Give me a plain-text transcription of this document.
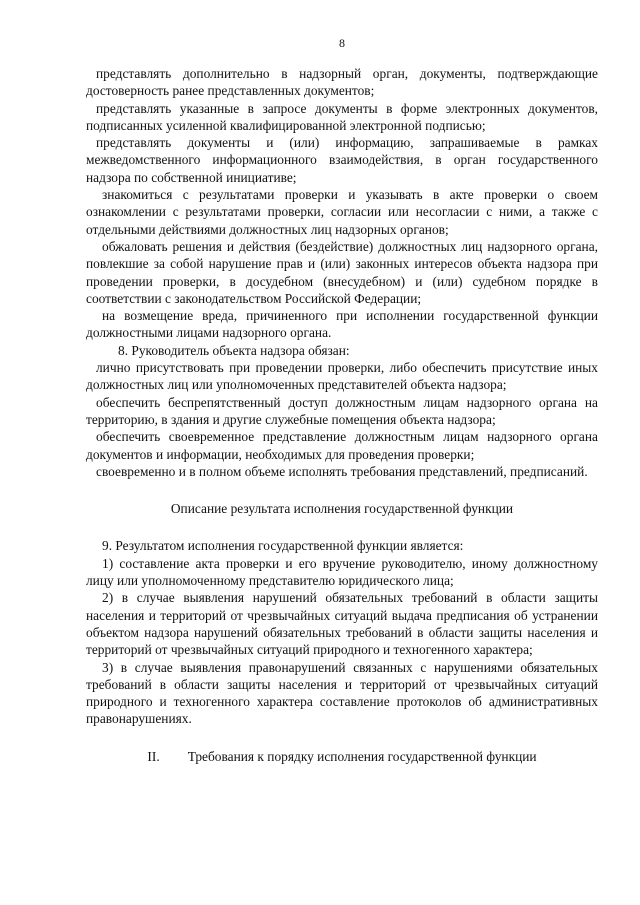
8

представлять дополнительно в надзорный орган, документы, подтверждающие достоверность ранее представленных документов;

представлять указанные в запросе документы в форме электронных документов, подписанных усиленной квалифицированной электронной подписью;

представлять документы и (или) информацию, запрашиваемые в рамках межведомственного информационного взаимодействия, в орган государственного надзора по собственной инициативе;

знакомиться с результатами проверки и указывать в акте проверки о своем ознакомлении с результатами проверки, согласии или несогласии с ними, а также с отдельными действиями должностных лиц надзорных органов;

обжаловать решения и действия (бездействие) должностных лиц надзорного органа, повлекшие за собой нарушение прав и (или) законных интересов объекта надзора при проведении проверки, в досудебном (внесудебном) и (или) судебном порядке в соответствии с законодательством Российской Федерации;

на возмещение вреда, причиненного при исполнении государственной функции должностными лицами надзорного органа.

8. Руководитель объекта надзора обязан:

лично присутствовать при проведении проверки, либо обеспечить присутствие иных должностных лиц или уполномоченных представителей объекта надзора;

обеспечить беспрепятственный доступ должностным лицам надзорного органа на территорию, в здания и другие служебные помещения объекта надзора;

обеспечить своевременное представление должностным лицам надзорного органа документов и информации, необходимых для проведения проверки;

своевременно и в полном объеме исполнять требования представлений, предписаний.

Описание результата исполнения государственной функции

9. Результатом исполнения государственной функции является:

1) составление акта проверки и его вручение руководителю, иному должностному лицу или уполномоченному представителю юридического лица;

2) в случае выявления нарушений обязательных требований в области защиты населения и территорий от чрезвычайных ситуаций выдача предписания об устранении объектом надзора нарушений обязательных требований в области защиты населения и территорий от чрезвычайных ситуаций природного и техногенного характера;

3) в случае выявления правонарушений связанных с нарушениями обязательных требований в области защиты населения и территорий от чрезвычайных ситуаций природного и техногенного характера составление протоколов об административных правонарушениях.

II. Требования к порядку исполнения государственной функции
